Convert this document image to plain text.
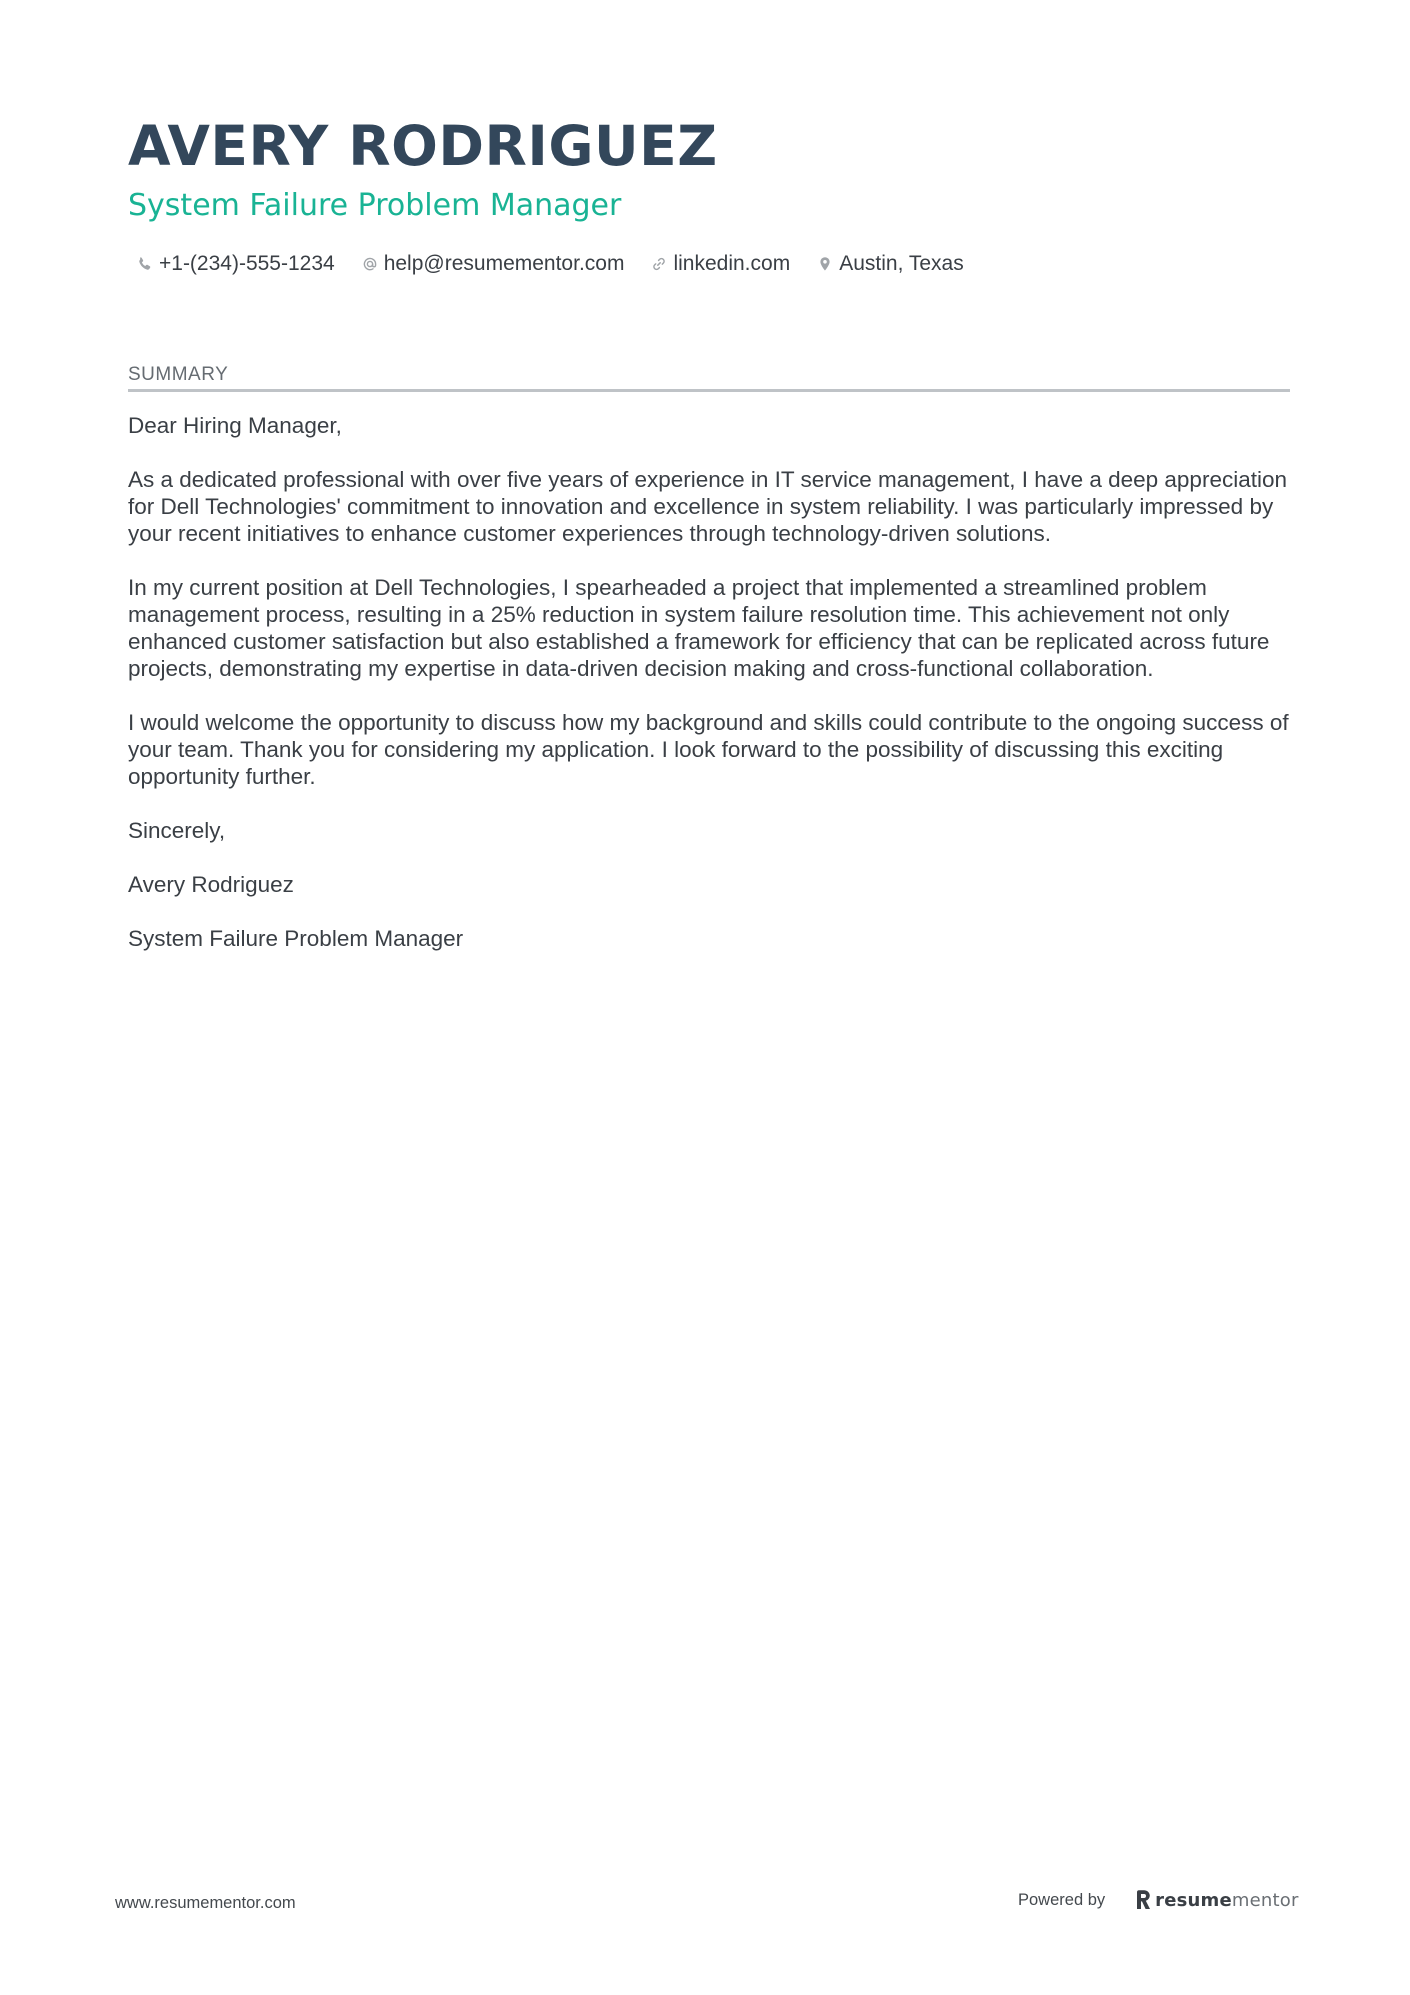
AVERY RODRIGUEZ
System Failure Problem Manager
+1-(234)-555-1234 help@resumementor.com linkedin.com Austin, Texas
SUMMARY

Dear Hiring Manager,

As a dedicated professional with over five years of experience in IT service management, I have a deep appreciation for Dell Technologies' commitment to innovation and excellence in system reliability. I was particularly impressed by your recent initiatives to enhance customer experiences through technology-driven solutions.

In my current position at Dell Technologies, I spearheaded a project that implemented a streamlined problem management process, resulting in a 25% reduction in system failure resolution time. This achievement not only enhanced customer satisfaction but also established a framework for efficiency that can be replicated across future projects, demonstrating my expertise in data-driven decision making and cross-functional collaboration.

I would welcome the opportunity to discuss how my background and skills could contribute to the ongoing success of your team. Thank you for considering my application. I look forward to the possibility of discussing this exciting opportunity further.

Sincerely,

Avery Rodriguez

System Failure Problem Manager

www.resumementor.com	Powered by	resumementor
